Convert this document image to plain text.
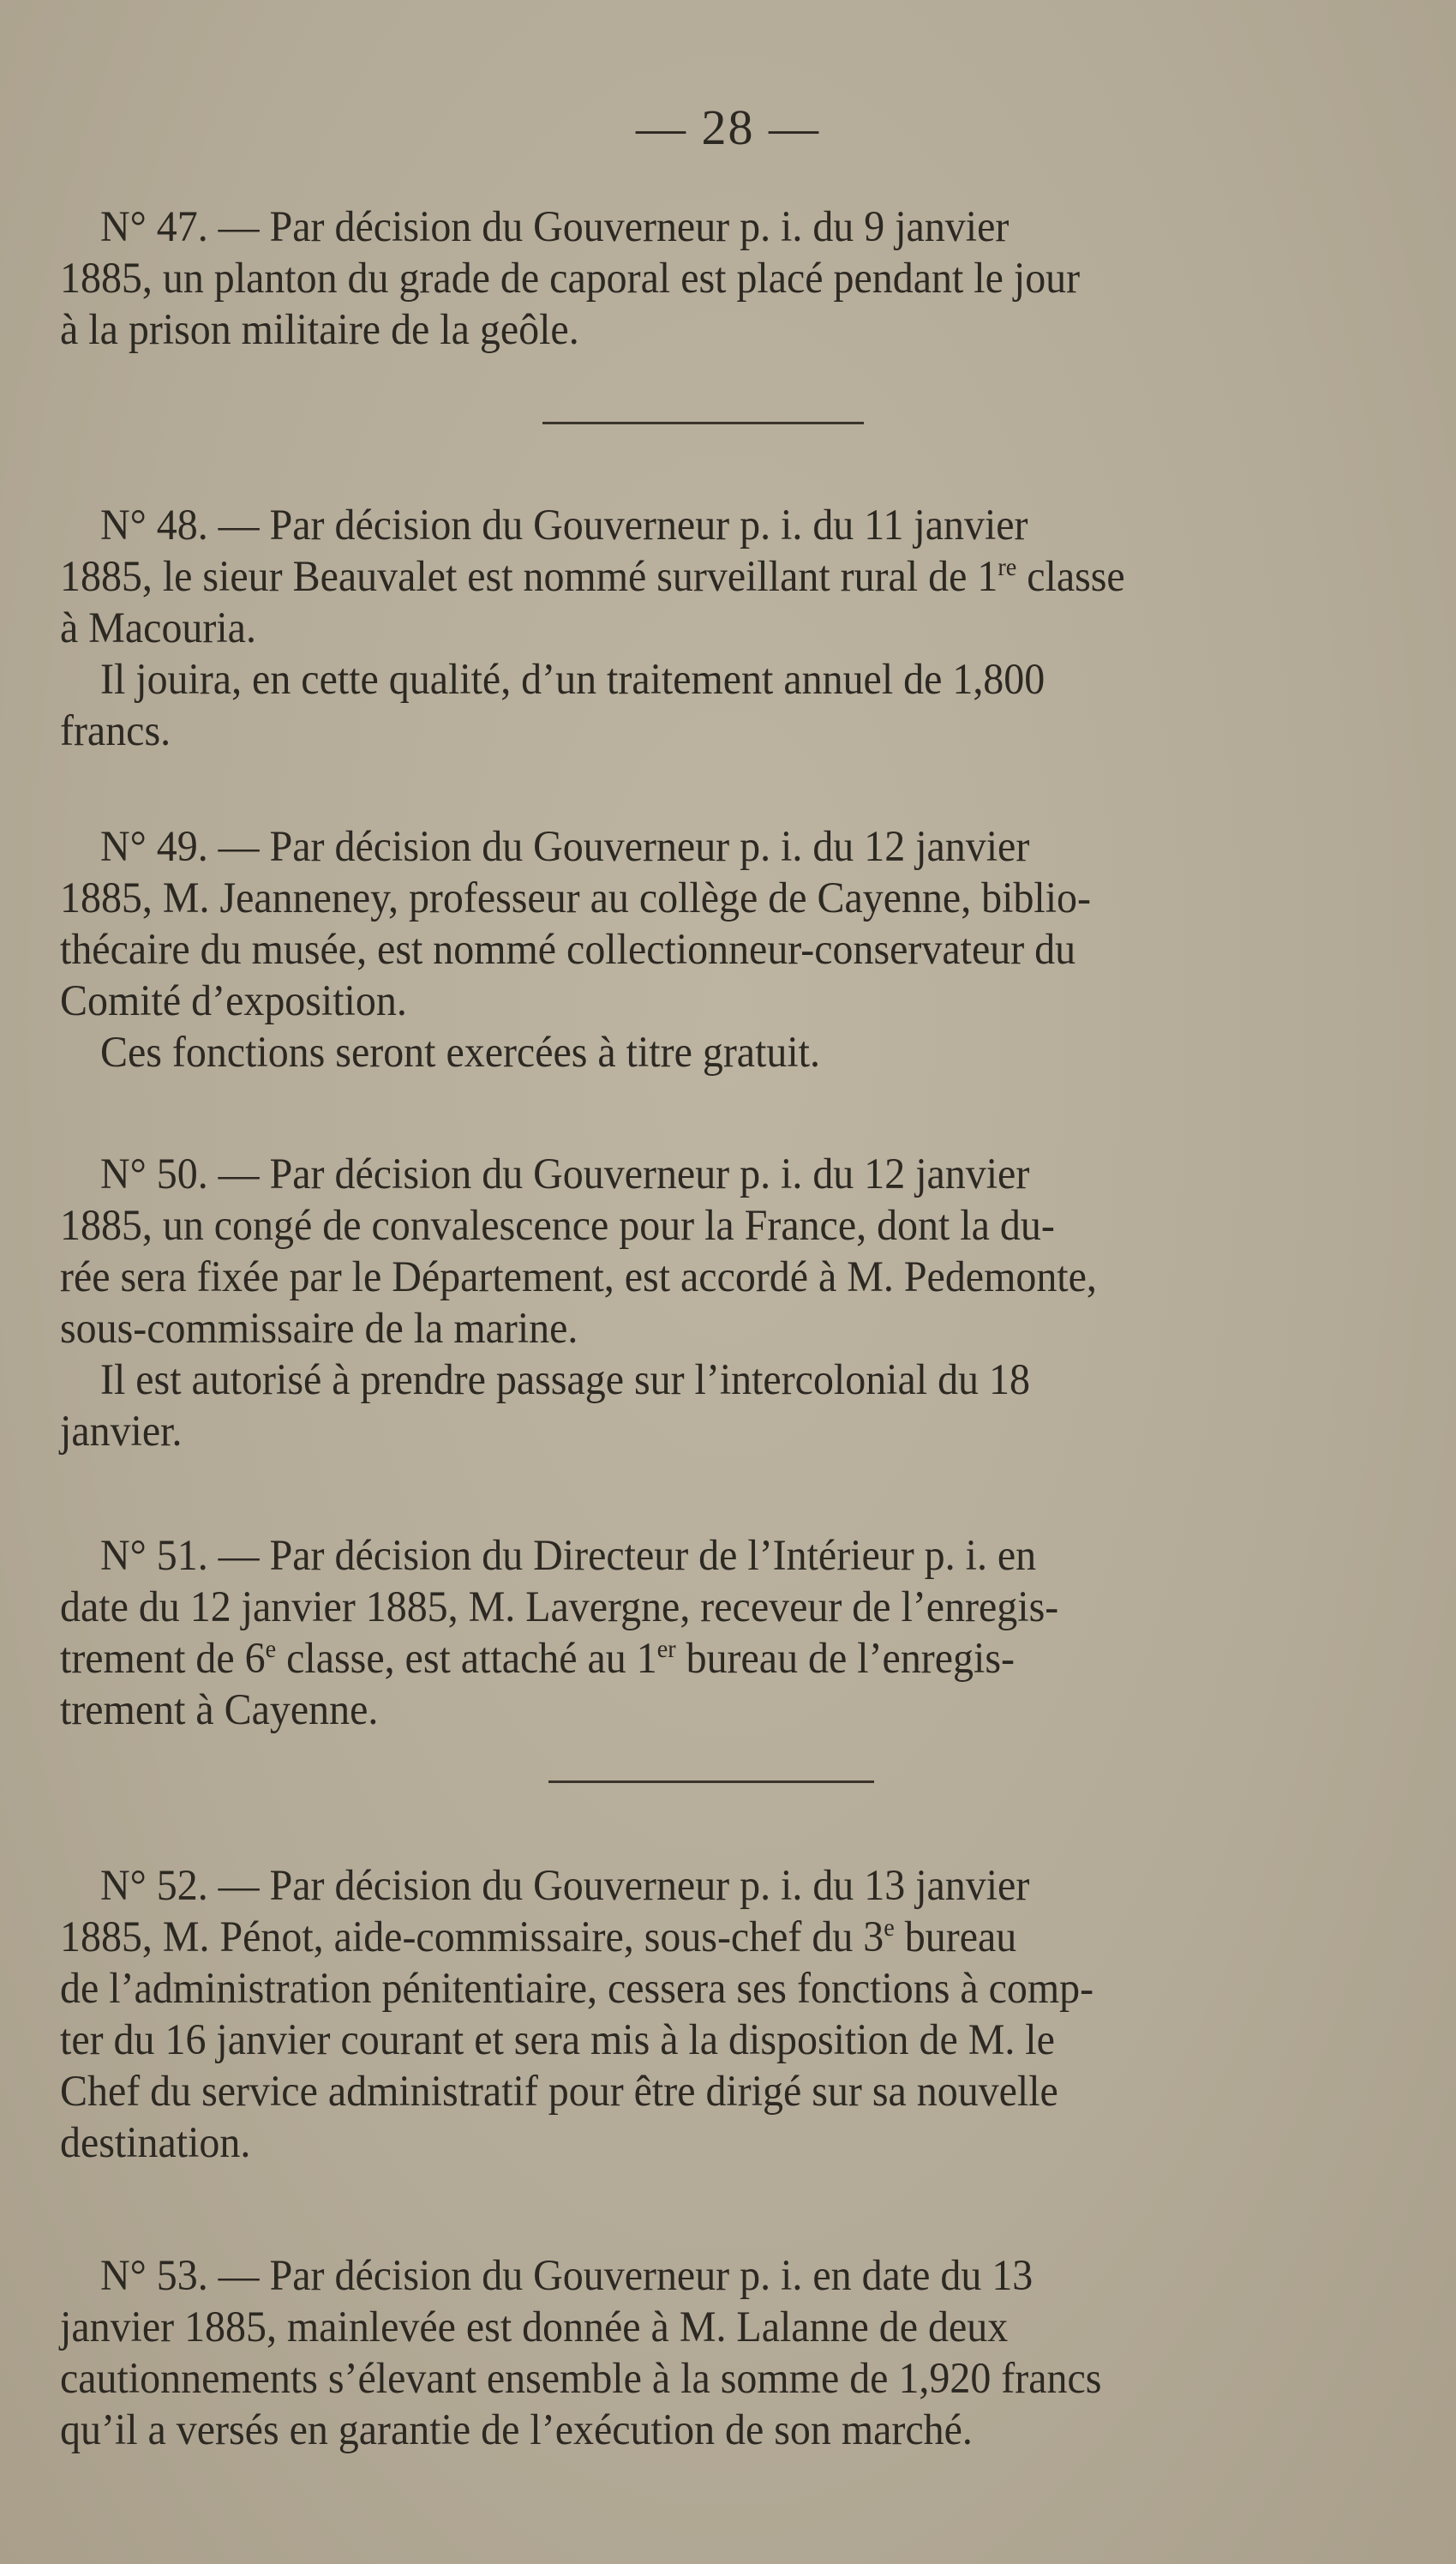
— 28 —

N° 47. — Par décision du Gouverneur p. i. du 9 janvier

1885, un planton du grade de caporal est placé pendant le jour

à la prison militaire de la geôle.

N° 48. — Par décision du Gouverneur p. i. du 11 janvier

1885, le sieur Beauvalet est nommé surveillant rural de 1re classe

à Macouria.

Il jouira, en cette qualité, d’un traitement annuel de 1,800

francs.

N° 49. — Par décision du Gouverneur p. i. du 12 janvier

1885, M. Jeanneney, professeur au collège de Cayenne, biblio-

thécaire du musée, est nommé collectionneur-conservateur du

Comité d’exposition.

Ces fonctions seront exercées à titre gratuit.

N° 50. — Par décision du Gouverneur p. i. du 12 janvier

1885, un congé de convalescence pour la France, dont la du-

rée sera fixée par le Département, est accordé à M. Pedemonte,

sous-commissaire de la marine.

Il est autorisé à prendre passage sur l’intercolonial du 18

janvier.

N° 51. — Par décision du Directeur de l’Intérieur p. i. en

date du 12 janvier 1885, M. Lavergne, receveur de l’enregis-

trement de 6e classe, est attaché au 1er bureau de l’enregis-

trement à Cayenne.

N° 52. — Par décision du Gouverneur p. i. du 13 janvier

1885, M. Pénot, aide-commissaire, sous-chef du 3e bureau

de l’administration pénitentiaire, cessera ses fonctions à comp-

ter du 16 janvier courant et sera mis à la disposition de M. le

Chef du service administratif pour être dirigé sur sa nouvelle

destination.

N° 53. — Par décision du Gouverneur p. i. en date du 13

janvier 1885, mainlevée est donnée à M. Lalanne de deux

cautionnements s’élevant ensemble à la somme de 1,920 francs

qu’il a versés en garantie de l’exécution de son marché.
